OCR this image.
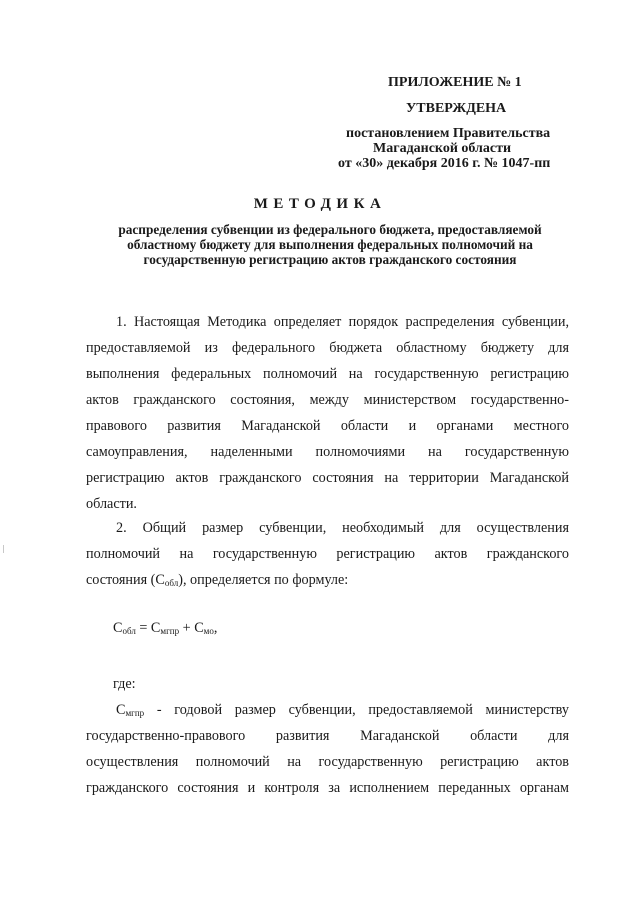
ПРИЛОЖЕНИЕ № 1
УТВЕРЖДЕНА
постановлением Правительства
Магаданской области
от «30» декабря 2016 г. № 1047-пп
МЕТОДИКА
распределения субвенции из федерального бюджета, предоставляемой
областному бюджету для выполнения федеральных полномочий на
государственную регистрацию актов гражданского состояния
1. Настоящая Методика определяет порядок распределения субвенции,
предоставляемой из федерального бюджета областному бюджету для
выполнения федеральных полномочий на государственную регистрацию
актов гражданского состояния, между министерством государственно-
правового развития Магаданской области и органами местного
самоуправления, наделенными полномочиями на государственную
регистрацию актов гражданского состояния на территории Магаданской
области.
2. Общий размер субвенции, необходимый для осуществления
полномочий на государственную регистрацию актов гражданского
состояния $(С_{обл})$, определяется по формуле:
$С_{обл} = С_{мгпр} + С_{мо}$,
где:
$С_{мгпр}$ - годовой размер субвенции, предоставляемой министерству
государственно-правового развития Магаданской области для
осуществления полномочий на государственную регистрацию актов
гражданского состояния и контроля за исполнением переданных органам
